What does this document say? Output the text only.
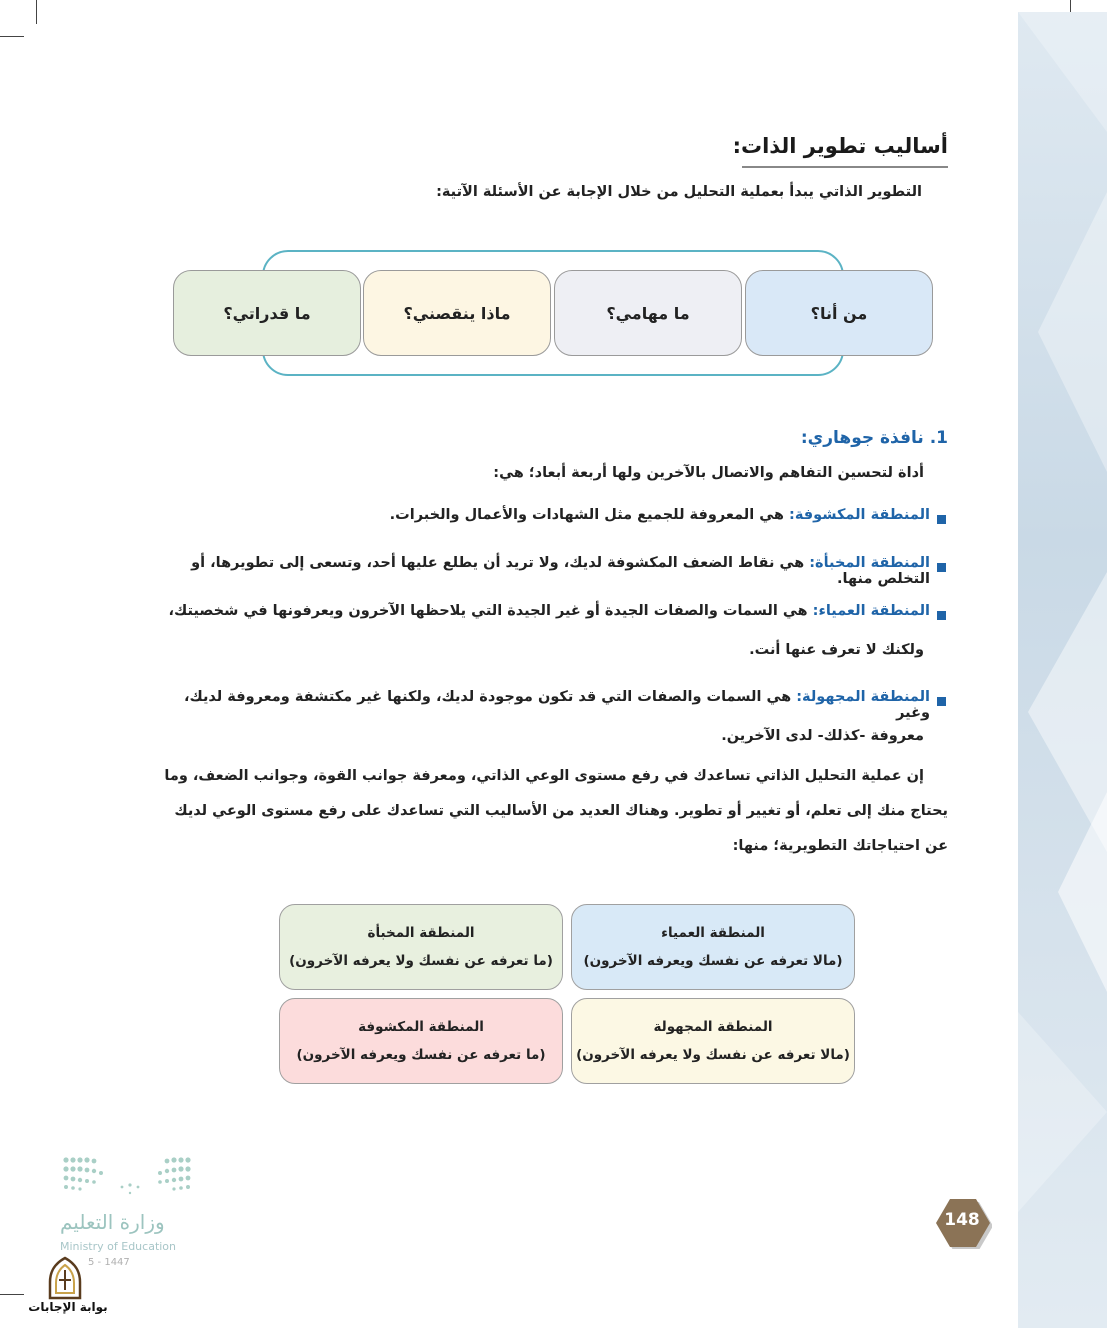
أساليب تطوير الذات:
التطوير الذاتي يبدأ بعملية التحليل من خلال الإجابة عن الأسئلة الآتية:
من أنا؟
ما مهامي؟
ماذا ينقصني؟
ما قدراتي؟
1. نافذة جوهاري:
أداة لتحسين التفاهم والاتصال بالآخرين ولها أربعة أبعاد؛ هي:
المنطقة المكشوفة: هي المعروفة للجميع مثل الشهادات والأعمال والخبرات.
المنطقة المخبأة: هي نقاط الضعف المكشوفة لديك، ولا تريد أن يطلع عليها أحد، وتسعى إلى تطويرها، أو التخلص منها.
المنطقة العمياء: هي السمات والصفات الجيدة أو غير الجيدة التي يلاحظها الآخرون ويعرفونها في شخصيتك،
ولكنك لا تعرف عنها أنت.
المنطقة المجهولة: هي السمات والصفات التي قد تكون موجودة لديك، ولكنها غير مكتشفة ومعروفة لديك، وغير
معروفة -كذلك- لدى الآخرين.
إن عملية التحليل الذاتي تساعدك في رفع مستوى الوعي الذاتي، ومعرفة جوانب القوة، وجوانب الضعف، وما
يحتاج منك إلى تعلم، أو تغيير أو تطوير. وهناك العديد من الأساليب التي تساعدك على رفع مستوى الوعي لديك
عن احتياجاتك التطويرية؛ منها:
المنطقة العمياء
(مالا تعرفه عن نفسك ويعرفه الآخرون)
المنطقة المخبأة
(ما تعرفه عن نفسك ولا يعرفه الآخرون)
المنطقة المجهولة
(مالا تعرفه عن نفسك ولا يعرفه الآخرون)
المنطقة المكشوفة
(ما تعرفه عن نفسك ويعرفه الآخرون)
148
وزارة التعليم
Ministry of Education
5 - 1447
بوابة الإجابات
